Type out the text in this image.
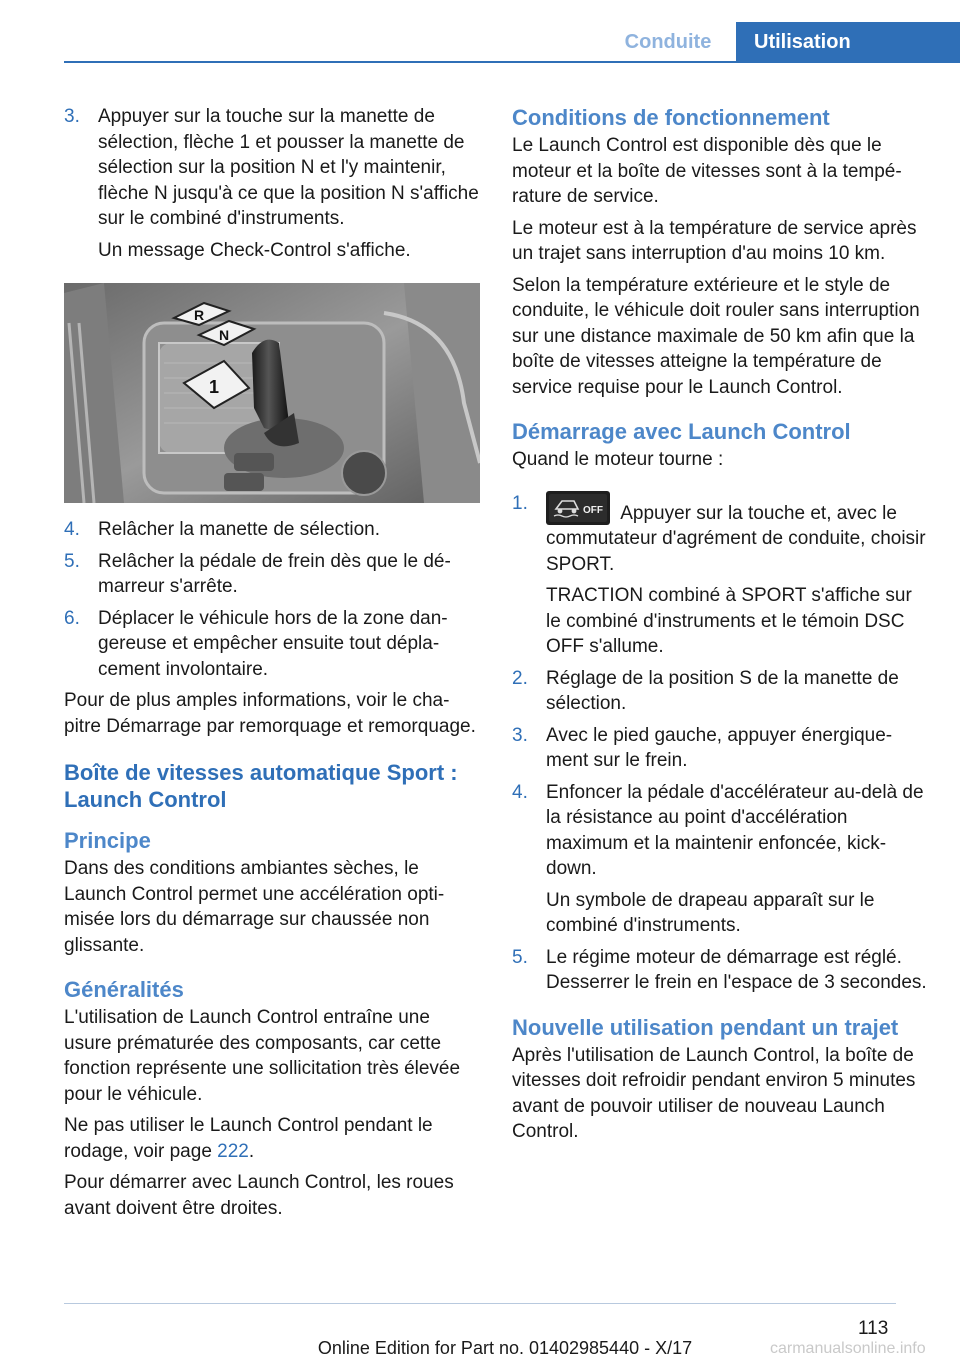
Conduite	Utilisation
3. Appuyer sur la touche sur la manette de sélection, flèche 1 et pousser la manette de sélection sur la position N et l'y maintenir, flèche N jusqu'à ce que la position N s'affiche sur le combiné d'instruments.

Un message Check-Control s'affiche.

R
N
1
4. Relâcher la manette de sélection.

5. Relâcher la pédale de frein dès que le démarreur s'arrête.

6. Déplacer le véhicule hors de la zone dangereuse et empêcher ensuite tout déplacement involontaire.

Pour de plus amples informations, voir le chapitre Démarrage par remorquage et remorquage.

Boîte de vitesses automatique Sport : Launch Control
Principe

Dans des conditions ambiantes sèches, le Launch Control permet une accélération optimisée lors du démarrage sur chaussée non glissante.

Généralités

L'utilisation de Launch Control entraîne une usure prématurée des composants, car cette fonction représente une sollicitation très élevée pour le véhicule.

Ne pas utiliser le Launch Control pendant le rodage, voir page 222.

Pour démarrer avec Launch Control, les roues avant doivent être droites.

Conditions de fonctionnement

Le Launch Control est disponible dès que le moteur et la boîte de vitesses sont à la température de service.

Le moteur est à la température de service après un trajet sans interruption d'au moins 10 km.

Selon la température extérieure et le style de conduite, le véhicule doit rouler sans interruption sur une distance maximale de 50 km afin que la boîte de vitesses atteigne la température de service requise pour le Launch Control.

Démarrage avec Launch Control

Quand le moteur tourne :

1.	OFF Appuyer sur la touche et, avec le commutateur d'agrément de conduite, choisir SPORT.

TRACTION combiné à SPORT s'affiche sur le combiné d'instruments et le témoin DSC OFF s'allume.

2. Réglage de la position S de la manette de sélection.

3. Avec le pied gauche, appuyer énergiquement sur le frein.

4. Enfoncer la pédale d'accélérateur au-delà de la résistance au point d'accélération maximum et la maintenir enfoncée, kickdown.

Un symbole de drapeau apparaît sur le combiné d'instruments.

5. Le régime moteur de démarrage est réglé. Desserrer le frein en l'espace de 3 secondes.

Nouvelle utilisation pendant un trajet

Après l'utilisation de Launch Control, la boîte de vitesses doit refroidir pendant environ 5 minutes avant de pouvoir utiliser de nouveau Launch Control.

113
Online Edition for Part no. 01402985440 - X/17	carmanualsonline.info
